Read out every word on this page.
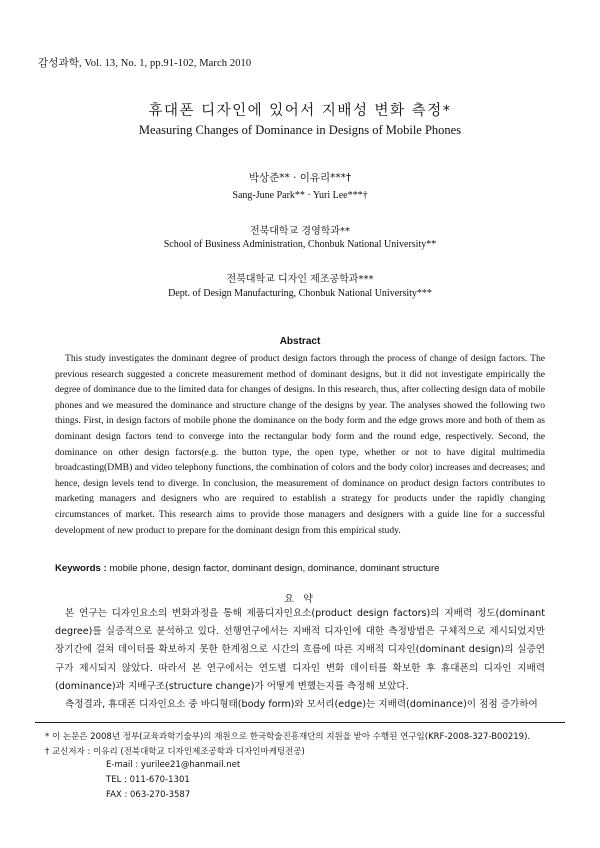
감성과학, Vol. 13, No. 1, pp.91-102, March 2010
휴대폰 디자인에 있어서 지배성 변화 측정*
Measuring Changes of Dominance in Designs of Mobile Phones
박상준** · 이유리***†
Sang-June Park** · Yuri Lee***†
전북대학교 경영학과**
School of Business Administration, Chonbuk National University**
전북대학교 디자인 제조공학과***
Dept. of Design Manufacturing, Chonbuk National University***
Abstract
This study investigates the dominant degree of product design factors through the process of change of design factors. The previous research suggested a concrete measurement method of dominant designs, but it did not investigate empirically the degree of dominance due to the limited data for changes of designs. In this research, thus, after collecting design data of mobile phones and we measured the dominance and structure change of the designs by year. The analyses showed the following two things. First, in design factors of mobile phone the dominance on the body form and the edge grows more and both of them as dominant design factors tend to converge into the rectangular body form and the round edge, respectively. Second, the dominance on other design factors(e.g. the button type, the open type, whether or not to have digital multimedia broadcasting(DMB) and video telephony functions, the combination of colors and the body color) increases and decreases; and hence, design levels tend to diverge. In conclusion, the measurement of dominance on product design factors contributes to marketing managers and designers who are required to establish a strategy for products under the rapidly changing circumstances of market. This research aims to provide those managers and designers with a guide line for a successful development of new product to prepare for the dominant design from this empirical study.
Keywords : mobile phone, design factor, dominant design, dominance, dominant structure
요 약

본 연구는 디자인요소의 변화과정을 통해 제품디자인요소(product design factors)의 지배력 정도(dominant degree)를 실증적으로 분석하고 있다. 선행연구에서는 지배적 디자인에 대한 측정방법은 구체적으로 제시되었지만 장기간에 걸쳐 데이터를 확보하지 못한 한계점으로 시간의 흐름에 따른 지배적 디자인(dominant design)의 실증연구가 제시되지 않았다. 따라서 본 연구에서는 연도별 디자인 변화 데이터를 확보한 후 휴대폰의 디자인 지배력(dominance)과 지배구조(structure change)가 어떻게 변했는지를 측정해 보았다.

측정결과, 휴대폰 디자인요소 중 바디형태(body form)와 모서리(edge)는 지배력(dominance)이 점점 증가하여

* 이 논문은 2008년 정부(교육과학기술부)의 재원으로 한국학술진흥재단의 지원을 받아 수행된 연구임(KRF-2008-327-B00219).
† 교신저자 : 이유리 (전북대학교 디자인제조공학과 디자인마케팅전공)
E-mail : yurilee21@hanmail.net
TEL : 011-670-1301
FAX : 063-270-3587
